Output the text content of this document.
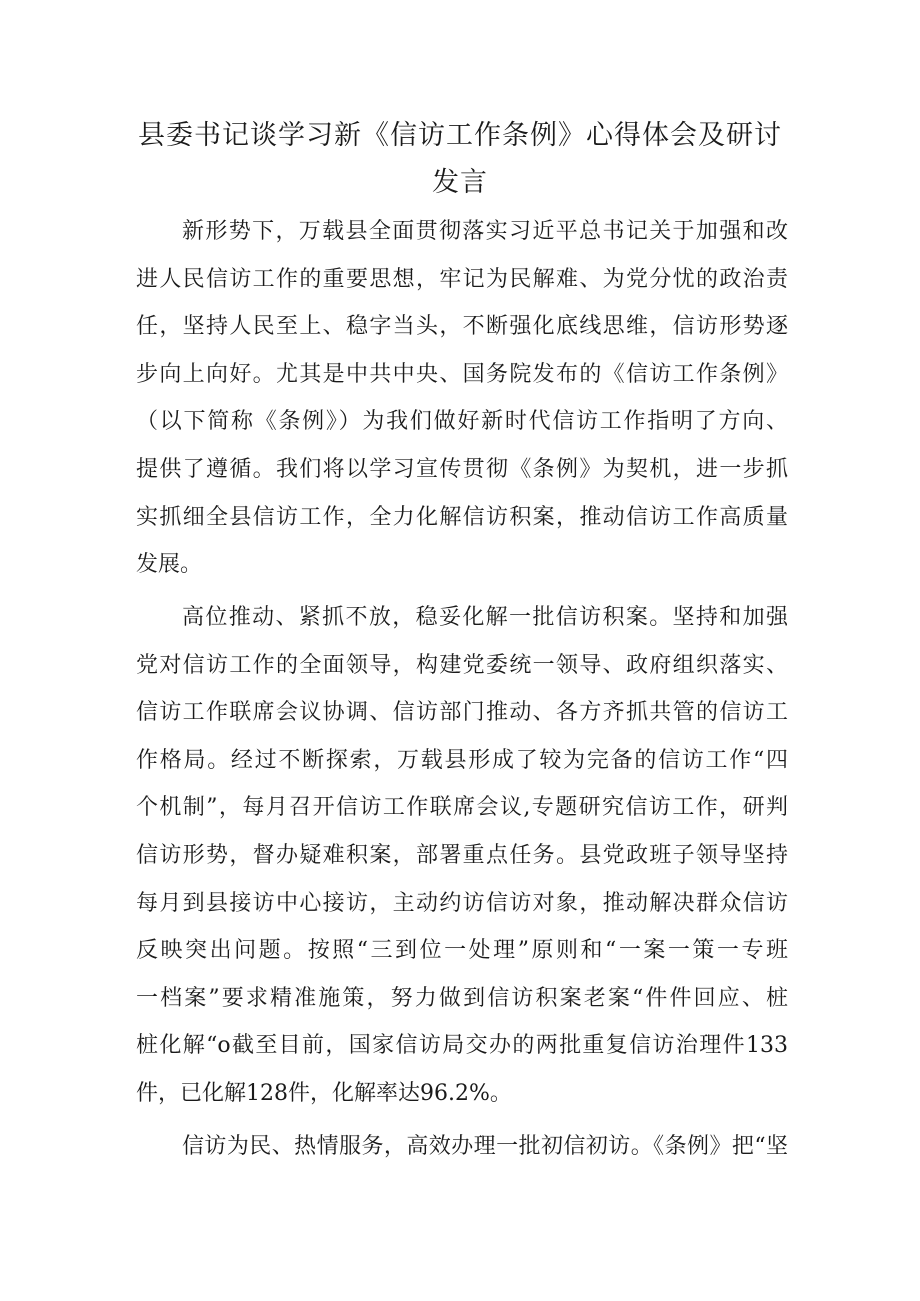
县委书记谈学习新《信访工作条例》心得体会及研讨
发言
新形势下，万载县全面贯彻落实习近平总书记关于加强和改
进人民信访工作的重要思想，牢记为民解难、为党分忧的政治责
任，坚持人民至上、稳字当头，不断强化底线思维，信访形势逐
步向上向好。尤其是中共中央、国务院发布的《信访工作条例》
（以下简称《条例》）为我们做好新时代信访工作指明了方向、
提供了遵循。我们将以学习宣传贯彻《条例》为契机，进一步抓
实抓细全县信访工作，全力化解信访积案，推动信访工作高质量
发展。
高位推动、紧抓不放，稳妥化解一批信访积案。坚持和加强
党对信访工作的全面领导，构建党委统一领导、政府组织落实、
信访工作联席会议协调、信访部门推动、各方齐抓共管的信访工
作格局。经过不断探索，万载县形成了较为完备的信访工作“四
个机制”，每月召开信访工作联席会议,专题研究信访工作，研判
信访形势，督办疑难积案，部署重点任务。县党政班子领导坚持
每月到县接访中心接访，主动约访信访对象，推动解决群众信访
反映突出问题。按照“三到位一处理”原则和“一案一策一专班
一档案”要求精准施策，努力做到信访积案老案“件件回应、桩
桩化解“o截至目前，国家信访局交办的两批重复信访治理件133
件，已化解128件，化解率达96.2%。
信访为民、热情服务，高效办理一批初信初访。《条例》把“坚
